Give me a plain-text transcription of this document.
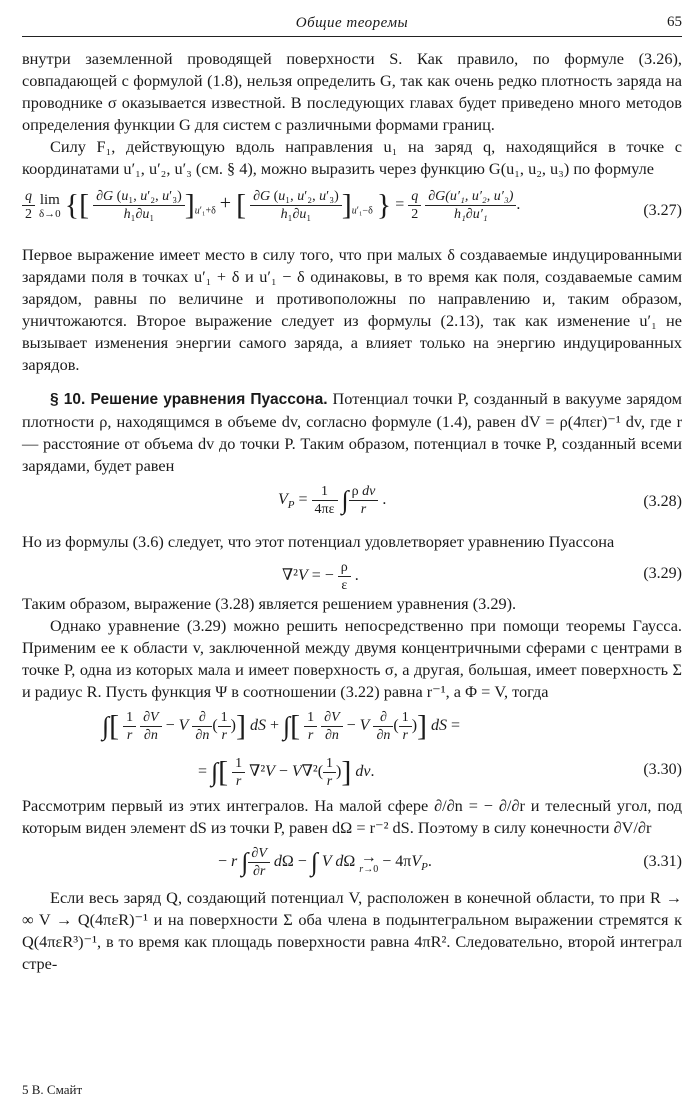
Общие теоремы	65

внутри заземленной проводящей поверхности S. Как правило, по формуле (3.26), совпадающей с формулой (1.8), нельзя определить G, так как очень редко плотность заряда на проводнике σ оказывается известной. В последующих главах будет приведено много методов определения функции G для систем с различными формами границ.

Силу F₁, действующую вдоль направления u₁ на заряд q, находящийся в точке с координатами u′₁, u′₂, u′₃ (см. § 4), можно выразить через функцию G(u₁, u₂, u₃) по формуле

$\frac{q}{2}$
lim
δ→0 {[ $\frac{\text{∂G (u₁, u′₂, u′₃)}}{\text{h₁∂u₁}} ]_{u'_1+\delta}$ + [ $\frac{\text{∂G (u₁, u′₂, u′₃)}}{\text{h₁∂u₁}} ]_{u'_1-\delta}$ } = $\frac{q}{2}$
$\frac{\text{∂G(u′₁, u′₂, u′₃)}}{\text{h₁∂u′₁}}$ .	(3.27)

Первое выражение имеет место в силу того, что при малых δ создаваемые индуцированными зарядами поля в точках u′₁ + δ и u′₁ − δ одинаковы, в то время как поля, создаваемые самим зарядом, равны по величине и противоположны по направлению и, таким образом, уничтожаются. Второе выражение следует из формулы (2.13), так как изменение u′₁ не вызывает изменения энергии самого заряда, а влияет только на энергию индуцированных зарядов.

§ 10. Решение уравнения Пуассона. Потенциал точки P, созданный в вакууме зарядом плотности ρ, находящимся в объеме dv, согласно формуле (1.4), равен dV = ρ(4πεr)⁻¹ dv, где r — расстояние от объема dv до точки P. Таким образом, потенциал в точке P, созданный всеми зарядами, будет равен

$V_P = \frac{1}{4\pi\varepsilon}$ ∫ $\frac{\text{ρ dv}}{r}$ .	(3.28)

Но из формулы (3.6) следует, что этот потенциал удовлетворяет уравнению Пуассона

∇²V = − $\frac{\rho}{\varepsilon}$ .	(3.29)

Таким образом, выражение (3.28) является решением уравнения (3.29).

Однако уравнение (3.29) можно решить непосредственно при помощи теоремы Гаусса. Применим ее к области v, заключенной между двумя концентричными сферами с центрами в точке P, одна из которых мала и имеет поверхность σ, а другая, большая, имеет поверхность Σ и радиус R. Пусть функция Ψ в соотношении (3.22) равна r⁻¹, а Φ = V, тогда

∫[ $\frac{1}{r}$
$\frac{\partial V}{\partial n} - V \frac{\partial}{\partial n}$ ( $\frac{1}{r}$ )] dS + ∫[ $\frac{1}{r}$
$\frac{\partial V}{\partial n} - V \frac{\partial}{\partial n}$ ( $\frac{1}{r}$ )] dS =
= ∫[ $\frac{1}{r} \nabla^2V - V\nabla^2( \frac{1}{r}$ )] dv.	(3.30)

Рассмотрим первый из этих интегралов. На малой сфере ∂/∂n = − ∂/∂r и телесный угол, под которым виден элемент dS из точки P, равен dΩ = r⁻² dS. Поэтому в силу конечности ∂V/∂r

− r ∫ $\frac{\partial V}{\partial r}$ dΩ − ∫ V dΩ →
$r\to 0 - 4\pi V_P$.	(3.31)

Если весь заряд Q, создающий потенциал V, расположен в конечной области, то при R → ∞ V → Q(4πεR)⁻¹ и на поверхности Σ оба члена в подынтегральном выражении стремятся к Q(4πεR³)⁻¹, в то время как площадь поверхности равна 4πR². Следовательно, второй интеграл стре-

5 В. Смайт
